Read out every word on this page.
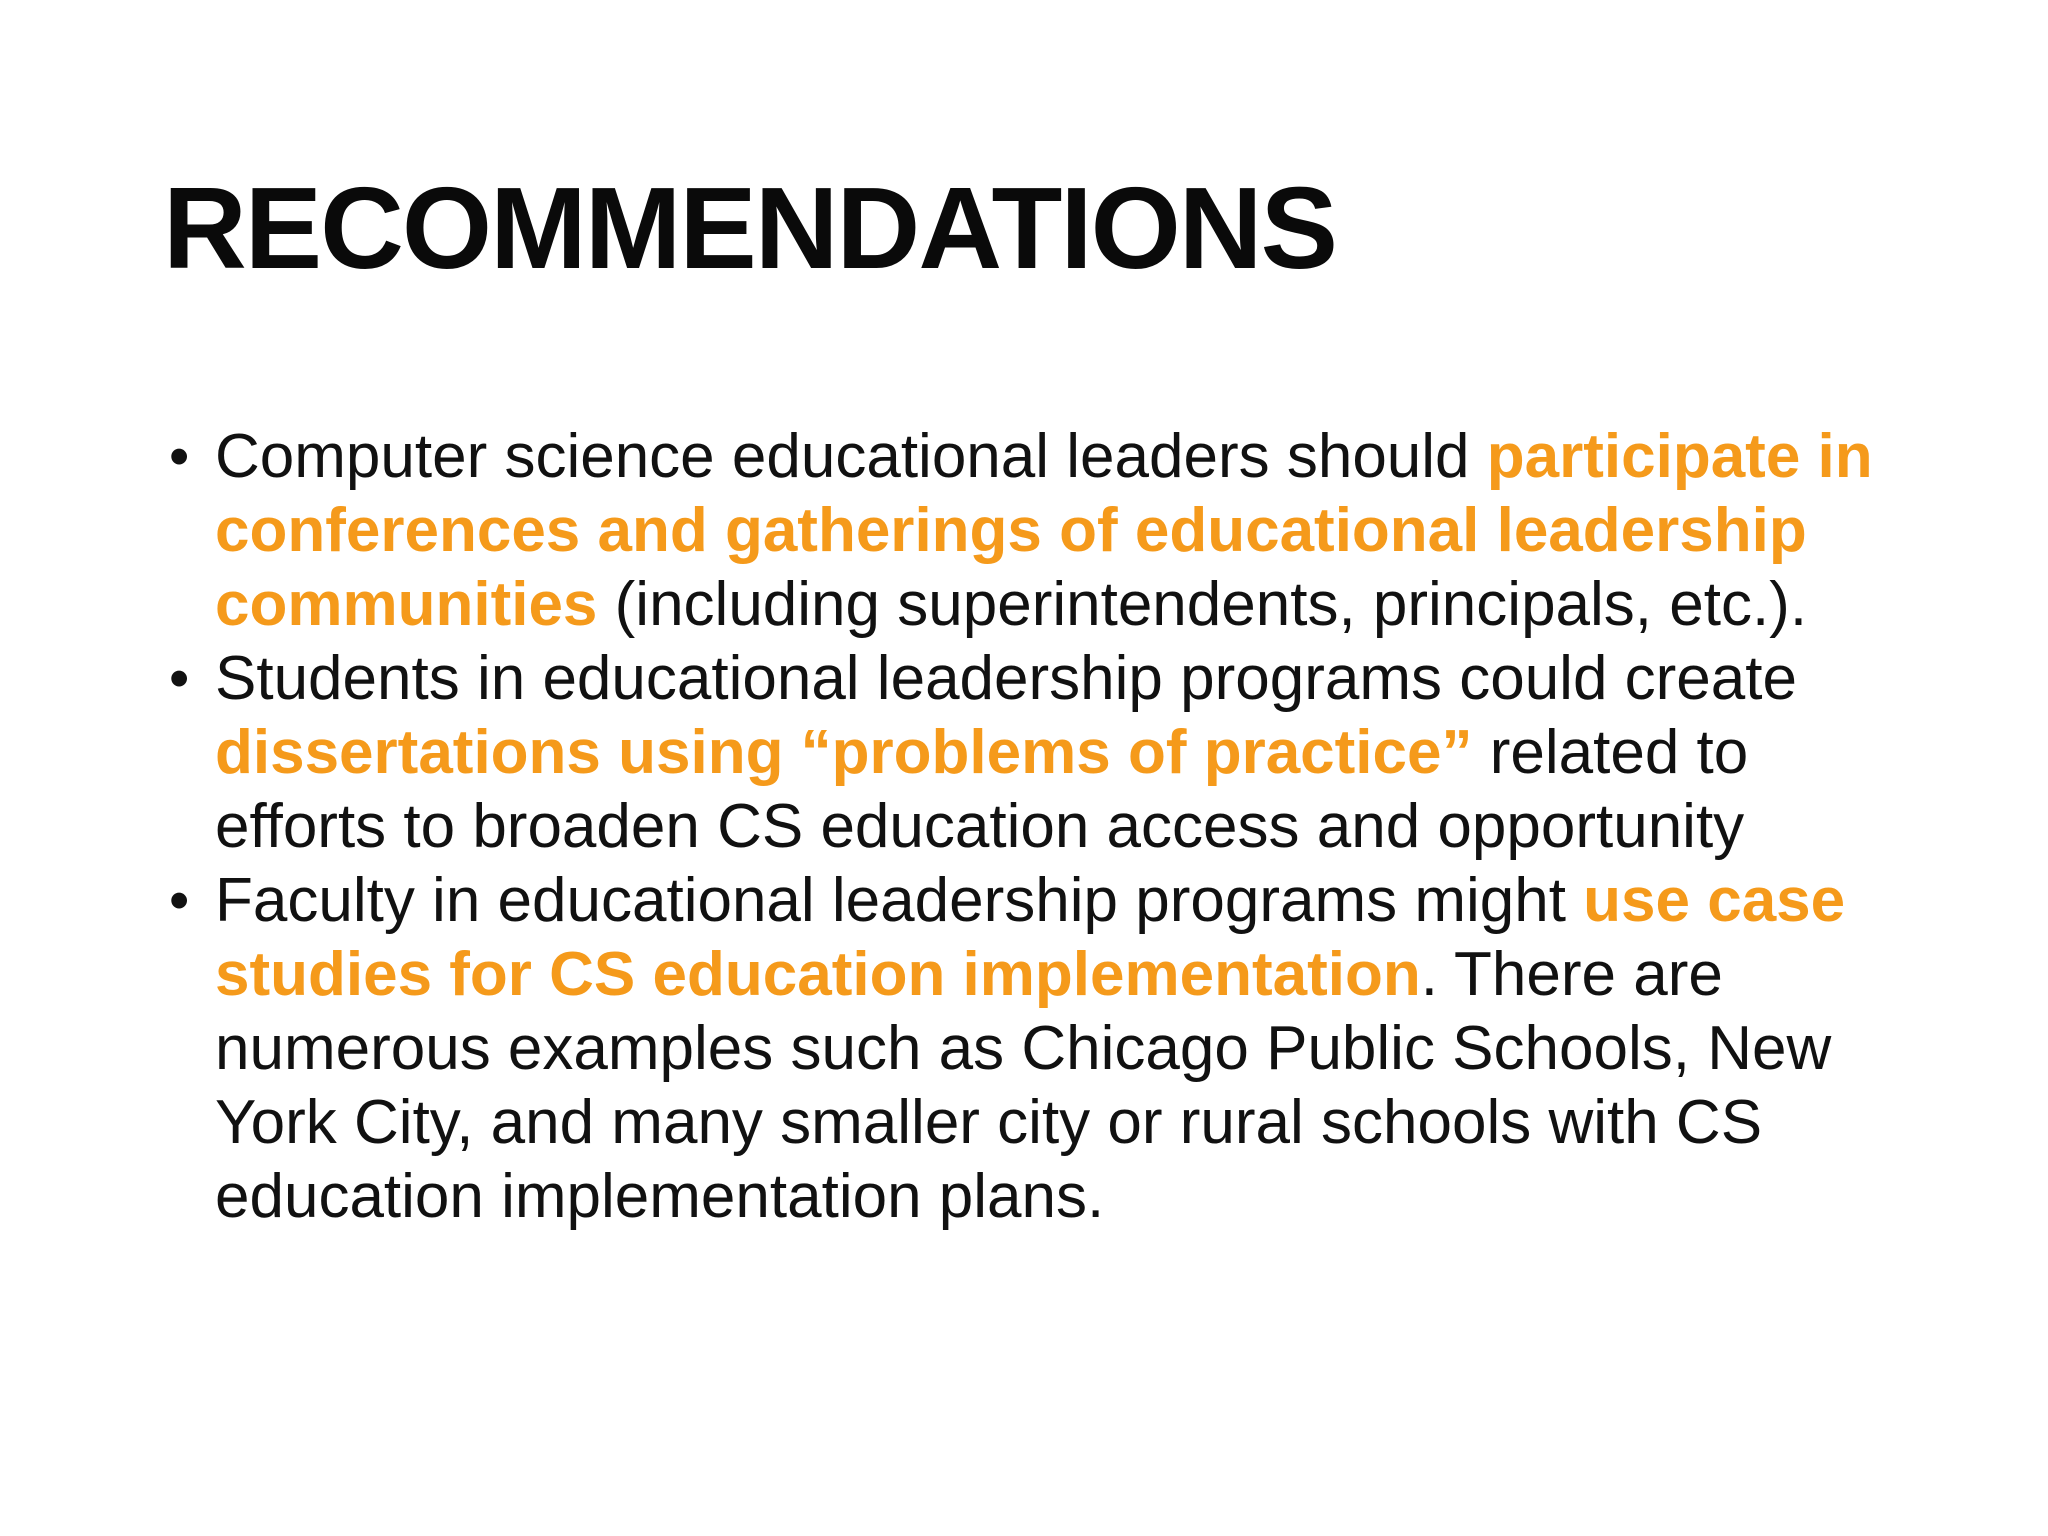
RECOMMENDATIONS
• Computer science educational leaders should participate in
conferences and gatherings of educational leadership
communities (including superintendents, principals, etc.).
• Students in educational leadership programs could create
dissertations using “problems of practice” related to
efforts to broaden CS education access and opportunity
• Faculty in educational leadership programs might use case
studies for CS education implementation. There are
numerous examples such as Chicago Public Schools, New
York City, and many smaller city or rural schools with CS
education implementation plans.
